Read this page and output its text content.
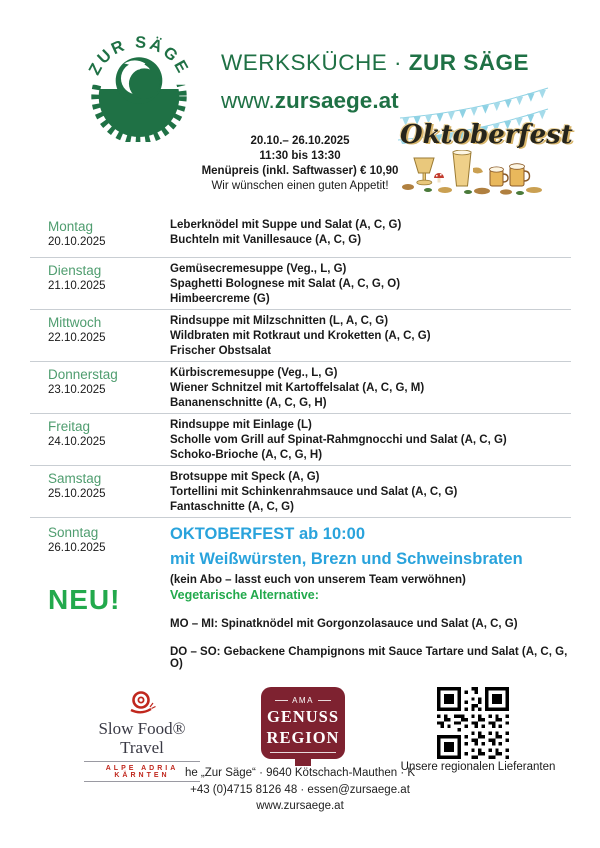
ZUR SÄGE WERKSKÜCHE · ZUR SÄGE
www.zursaege.at
20.10.– 26.10.2025
11:30 bis 13:30
Menüpreis (inkl. Saftwasser) € 10,90
Wir wünschen einen guten Appetit!
Oktoberfest
Montag
20.10.2025
Leberknödel mit Suppe und Salat (A, C, G)
Buchteln mit Vanillesauce (A, C, G)
Dienstag
21.10.2025
Gemüsecremesuppe (Veg., L, G)
Spaghetti Bolognese mit Salat (A, C, G, O)
Himbeercreme (G)
Mittwoch
22.10.2025
Rindsuppe mit Milzschnitten (L, A, C, G)
Wildbraten mit Rotkraut und Kroketten (A, C, G)
Frischer Obstsalat
Donnerstag
23.10.2025
Kürbiscremesuppe (Veg., L, G)
Wiener Schnitzel mit Kartoffelsalat (A, C, G, M)
Bananenschnitte (A, C, G, H)
Freitag
24.10.2025
Rindsuppe mit Einlage (L)
Scholle vom Grill auf Spinat-Rahmgnocchi und Salat (A, C, G)
Schoko-Brioche (A, C, G, H)
Samstag
25.10.2025
Brotsuppe mit Speck (A, G)
Tortellini mit Schinkenrahmsauce und Salat (A, C, G)
Fantaschnitte (A, C, G)
Sonntag
26.10.2025
OKTOBERFEST ab 10:00
mit Weißwürsten, Brezn und Schweinsbraten
(kein Abo – lasst euch von unserem Team verwöhnen)
NEU!	Vegetarische Alternative:
MO – MI: Spinatknödel mit Gorgonzolasauce und Salat (A, C, G)
DO – SO: Gebackene Champignons mit Sauce Tartare und Salat (A, C, G, O)
Slow Food®
Travel
ALPE ADRIA KÄRNTEN
AMA
GENUSS
REGION
Unsere regionalen Lieferanten
he „Zur Säge“ · 9640 Kötschach-Mauthen · K
+43 (0)4715 8126 48 · essen@zursaege.at
www.zursaege.at
